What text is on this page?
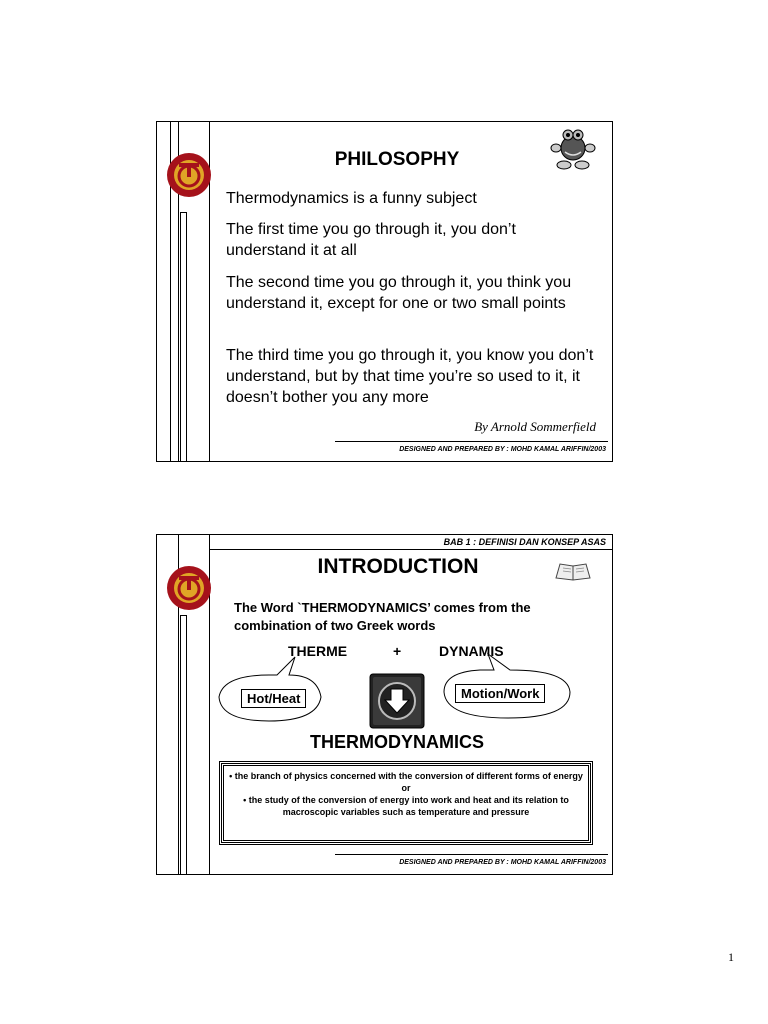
PHILOSOPHY
Thermodynamics is a funny subject
The first time you go through it, you don’t understand it at all
The second time you go through it, you think you understand it, except for one or two small points
The third time you go through it, you know you don’t understand, but by that time you’re so used to it, it doesn’t bother you any more
By Arnold Sommerfield
DESIGNED AND PREPARED BY : MOHD KAMAL ARIFFIN/2003
BAB 1 : DEFINISI DAN KONSEP ASAS
INTRODUCTION
The Word `THERMODYNAMICS’ comes from the combination of two Greek words
THERME	+	DYNAMIS
Hot/Heat	Motion/Work
THERMODYNAMICS
• the branch of physics concerned with the conversion of different forms of energy
or
• the study of the conversion of energy into work and heat and its relation to macroscopic variables such as temperature and pressure
DESIGNED AND PREPARED BY : MOHD KAMAL ARIFFIN/2003
1
